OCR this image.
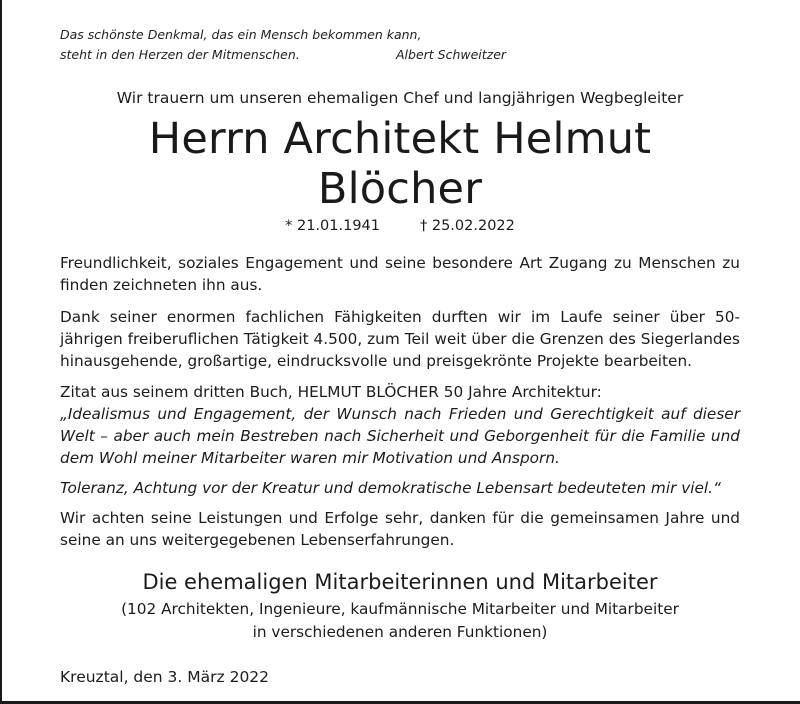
Das schönste Denkmal, das ein Mensch bekommen kann,
steht in den Herzen der Mitmenschen.	Albert Schweitzer
Wir trauern um unseren ehemaligen Chef und langjährigen Wegbegleiter
Herrn Architekt Helmut Blöcher
* 21.01.1941	† 25.02.2022

Freundlichkeit, soziales Engagement und seine besondere Art Zugang zu Menschen zu finden zeichneten ihn aus.

Dank seiner enormen fachlichen Fähigkeiten durften wir im Laufe seiner über 50-jährigen freiberuflichen Tätigkeit 4.500, zum Teil weit über die Grenzen des Siegerlandes hinausgehende, großartige, eindrucksvolle und preisgekrönte Projekte bearbeiten.

Zitat aus seinem dritten Buch, HELMUT BLÖCHER 50 Jahre Architektur:

„Idealismus und Engagement, der Wunsch nach Frieden und Gerechtigkeit auf dieser Welt – aber auch mein Bestreben nach Sicherheit und Geborgenheit für die Familie und dem Wohl meiner Mitarbeiter waren mir Motivation und Ansporn.

Toleranz, Achtung vor der Kreatur und demokratische Lebensart bedeuteten mir viel.“

Wir achten seine Leistungen und Erfolge sehr, danken für die gemeinsamen Jahre und seine an uns weitergegebenen Lebenserfahrungen.

Die ehemaligen Mitarbeiterinnen und Mitarbeiter
(102 Architekten, Ingenieure, kaufmännische Mitarbeiter und Mitarbeiter
in verschiedenen anderen Funktionen)
Kreuztal, den 3. März 2022
